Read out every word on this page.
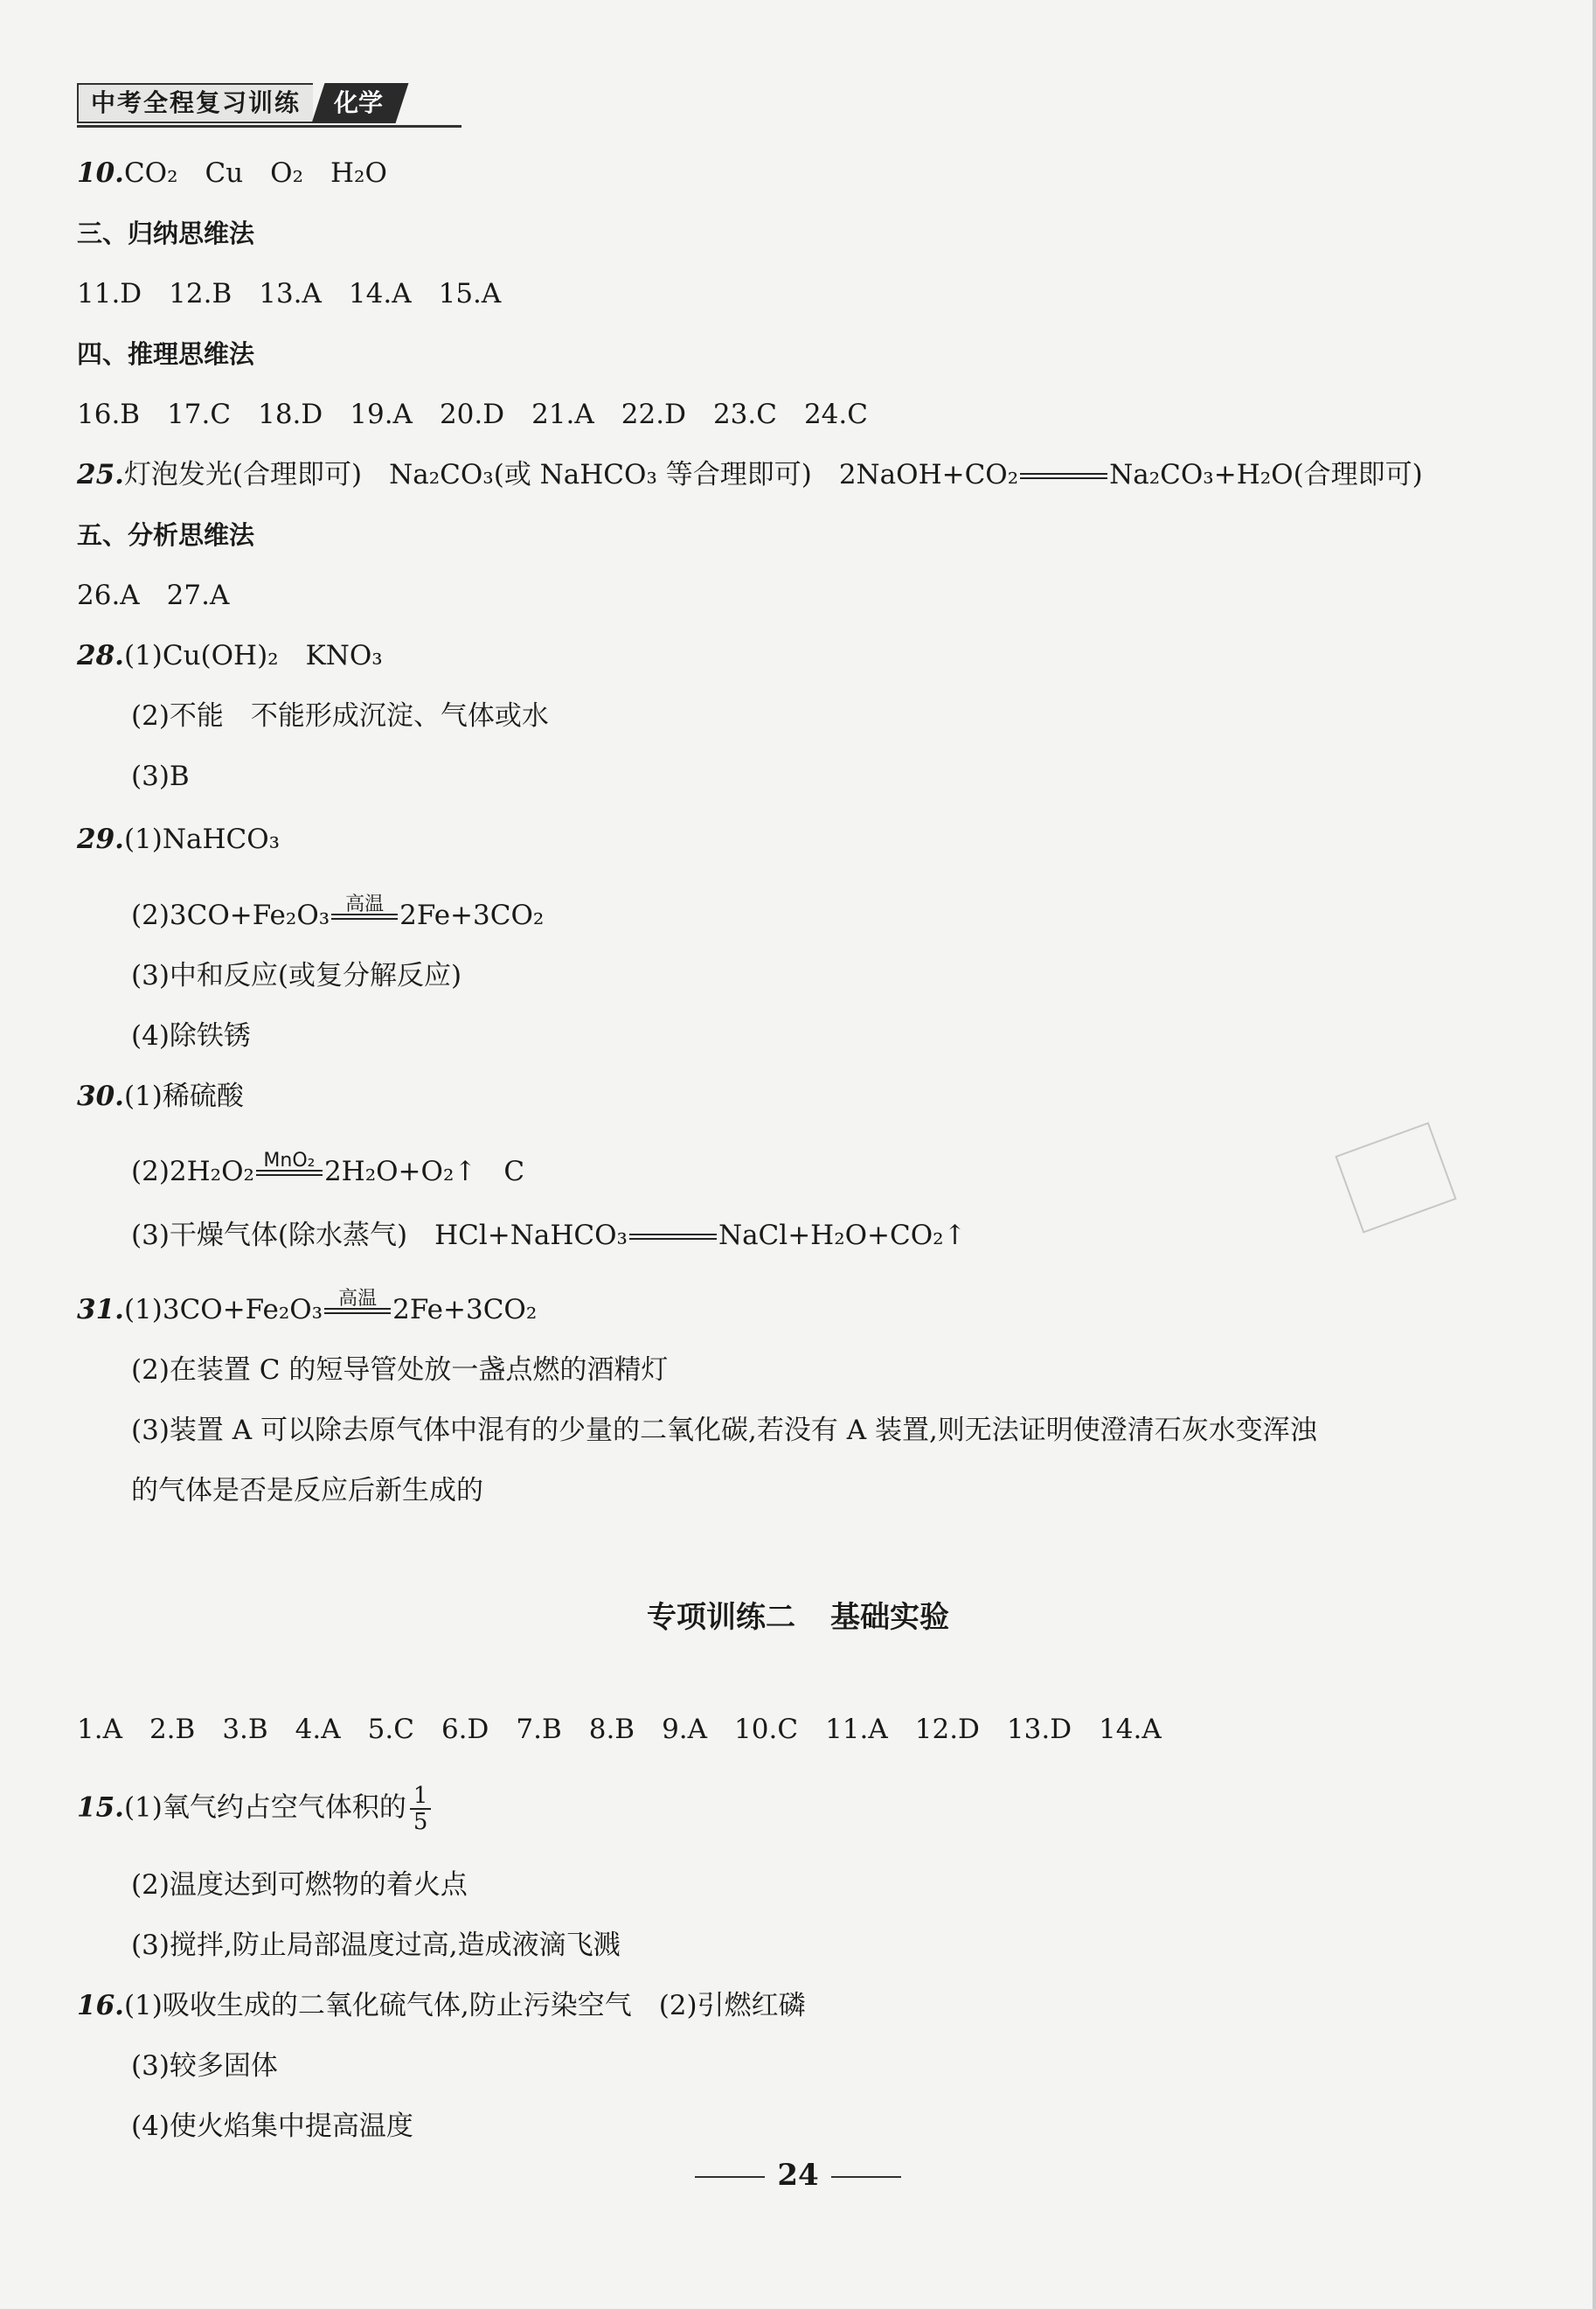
中考全程复习训练	化学
10.CO₂　Cu　O₂　H₂O
三、归纳思维法
11.D　12.B　13.A　14.A　15.A
四、推理思维法
16.B　17.C　18.D　19.A　20.D　21.A　22.D　23.C　24.C
25.灯泡发光(合理即可)　Na₂CO₃(或 NaHCO₃ 等合理即可)　2NaOH+CO₂	Na₂CO₃+H₂O(合理即可)
五、分析思维法
26.A　27.A
28.(1)Cu(OH)₂　KNO₃
(2)不能　不能形成沉淀、气体或水
(3)B
29.(1)NaHCO₃
(2)3CO+Fe₂O₃ 高温 2Fe+3CO₂
(3)中和反应(或复分解反应)
(4)除铁锈
30.(1)稀硫酸
(2)2H₂O₂ MnO₂ 2H₂O+O₂↑　C
(3)干燥气体(除水蒸气)　HCl+NaHCO₃	NaCl+H₂O+CO₂↑
31.(1)3CO+Fe₂O₃ 高温 2Fe+3CO₂
(2)在装置 C 的短导管处放一盏点燃的酒精灯
(3)装置 A 可以除去原气体中混有的少量的二氧化碳,若没有 A 装置,则无法证明使澄清石灰水变浑浊
的气体是否是反应后新生成的
专项训练二 基础实验
1.A　2.B　3.B　4.A　5.C　6.D　7.B　8.B　9.A　10.C　11.A　12.D　13.D　14.A
15.(1)氧气约占空气体积的 $\frac{1}{5}$
(2)温度达到可燃物的着火点
(3)搅拌,防止局部温度过高,造成液滴飞溅
16.(1)吸收生成的二氧化硫气体,防止污染空气　(2)引燃红磷
(3)较多固体
(4)使火焰集中提高温度
24
